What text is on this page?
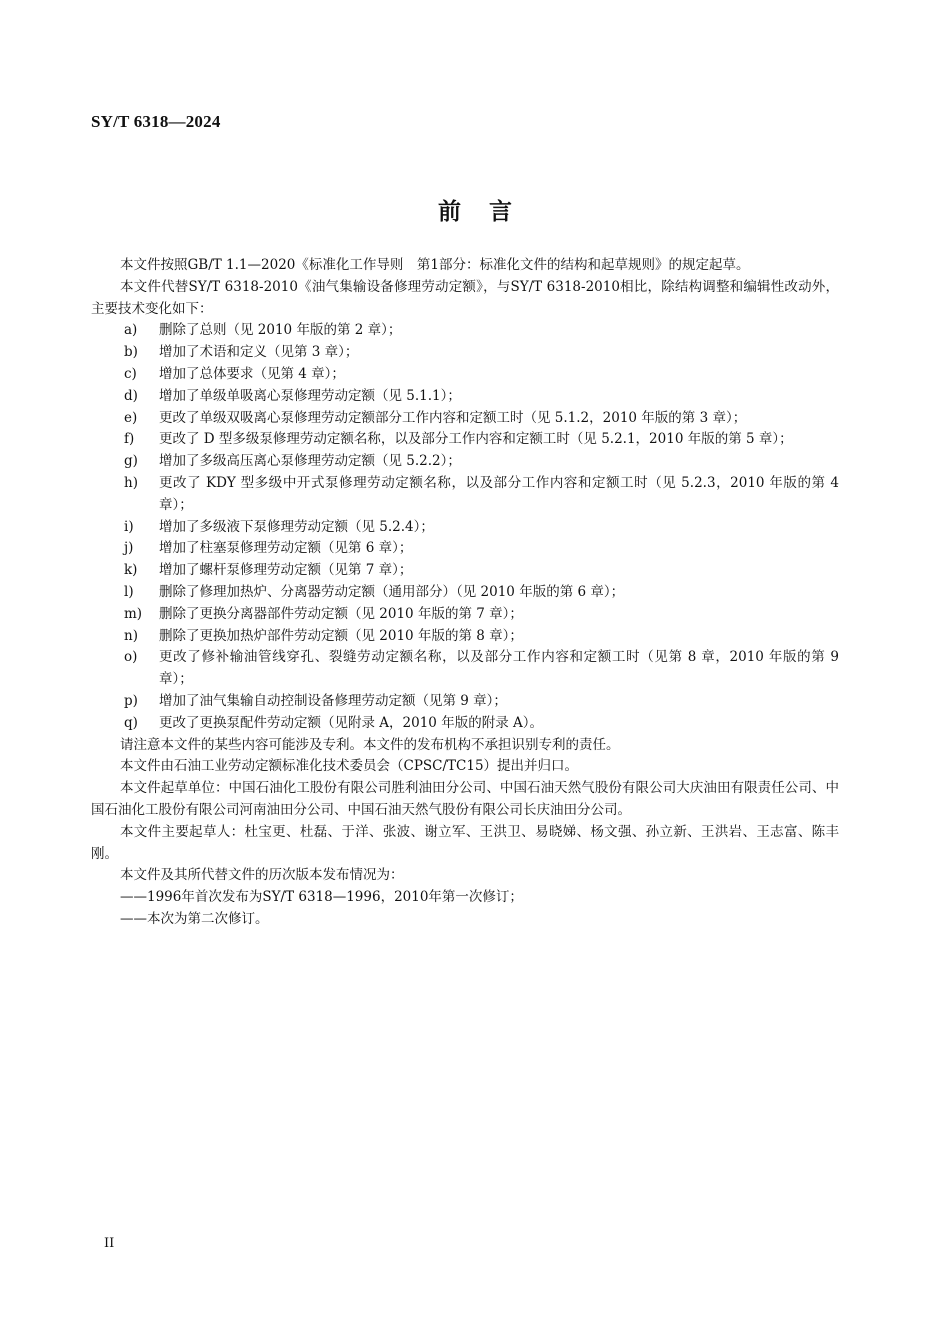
SY/T 6318—2024
前言

本文件按照GB/T 1.1—2020《标准化工作导则　第1部分：标准化文件的结构和起草规则》的规定起草。

本文件代替SY/T 6318-2010《油气集输设备修理劳动定额》，与SY/T 6318-2010相比，除结构调整和编辑性改动外，主要技术变化如下：

a)	删除了总则（见 2010 年版的第 2 章）；
b)	增加了术语和定义（见第 3 章）；
c)	增加了总体要求（见第 4 章）；
d)	增加了单级单吸离心泵修理劳动定额（见 5.1.1）；
e)	更改了单级双吸离心泵修理劳动定额部分工作内容和定额工时（见 5.1.2，2010 年版的第 3 章）；
f)	更改了 D 型多级泵修理劳动定额名称，以及部分工作内容和定额工时（见 5.2.1，2010 年版的第 5 章）；
g)	增加了多级高压离心泵修理劳动定额（见 5.2.2）；
h)	更改了 KDY 型多级中开式泵修理劳动定额名称，以及部分工作内容和定额工时（见 5.2.3，2010 年版的第 4 章）；
i)	增加了多级液下泵修理劳动定额（见 5.2.4）；
j)	增加了柱塞泵修理劳动定额（见第 6 章）；
k)	增加了螺杆泵修理劳动定额（见第 7 章）；
l)	删除了修理加热炉、分离器劳动定额（通用部分）（见 2010 年版的第 6 章）；
m)	删除了更换分离器部件劳动定额（见 2010 年版的第 7 章）；
n)	删除了更换加热炉部件劳动定额（见 2010 年版的第 8 章）；
o)	更改了修补输油管线穿孔、裂缝劳动定额名称，以及部分工作内容和定额工时（见第 8 章，2010 年版的第 9 章）；
p)	增加了油气集输自动控制设备修理劳动定额（见第 9 章）；
q)	更改了更换泵配件劳动定额（见附录 A，2010 年版的附录 A）。

请注意本文件的某些内容可能涉及专利。本文件的发布机构不承担识别专利的责任。

本文件由石油工业劳动定额标准化技术委员会（CPSC/TC15）提出并归口。

本文件起草单位：中国石油化工股份有限公司胜利油田分公司、中国石油天然气股份有限公司大庆油田有限责任公司、中国石油化工股份有限公司河南油田分公司、中国石油天然气股份有限公司长庆油田分公司。

本文件主要起草人：杜宝更、杜磊、于洋、张波、谢立军、王洪卫、易晓娣、杨文强、孙立新、王洪岩、王志富、陈丰刚。

本文件及其所代替文件的历次版本发布情况为：

——1996年首次发布为SY/T 6318—1996，2010年第一次修订；

——本次为第二次修订。

II
